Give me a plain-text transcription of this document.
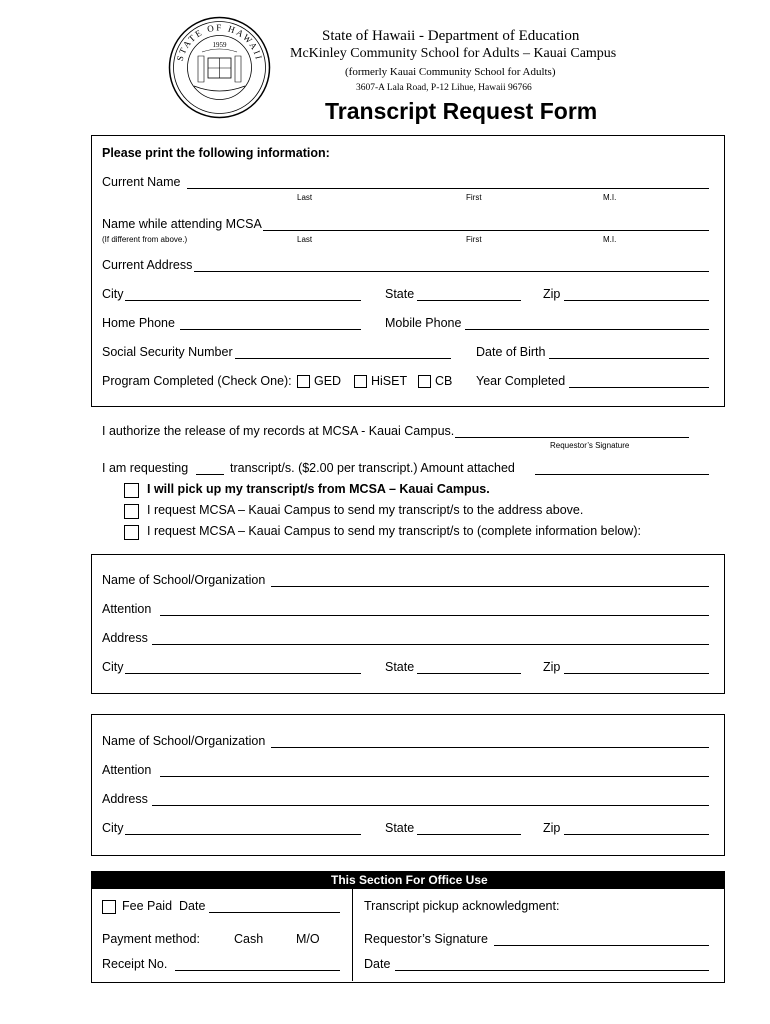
STATE OF HAWAII
1959
State of Hawaii - Department of Education
McKinley Community School for Adults – Kauai Campus
(formerly Kauai Community School for Adults)
3607-A Lala Road, P-12 Lihue, Hawaii 96766
Transcript Request Form
Please print the following information:
Current Name
Last	First	M.I.
Name while attending MCSA
(If different from above.)	Last	First	M.I.
Current Address
City	State	Zip
Home Phone	Mobile Phone
Social Security Number	Date of Birth
Program Completed (Check One): GED HiSET CB Year Completed
I authorize the release of my records at MCSA - Kauai Campus.
Requestor’s Signature
I am requesting	transcript/s. ($2.00 per transcript.) Amount attached
I will pick up my transcript/s from MCSA – Kauai Campus.
I request MCSA – Kauai Campus to send my transcript/s to the address above.
I request MCSA – Kauai Campus to send my transcript/s to (complete information below):
Name of School/Organization
Attention
Address
City	State	Zip
Name of School/Organization
Attention
Address
City	State	Zip
This Section For Office Use
Fee Paid Date
Payment method:	Cash	M/O
Receipt No.
Transcript pickup acknowledgment:
Requestor’s Signature
Date
